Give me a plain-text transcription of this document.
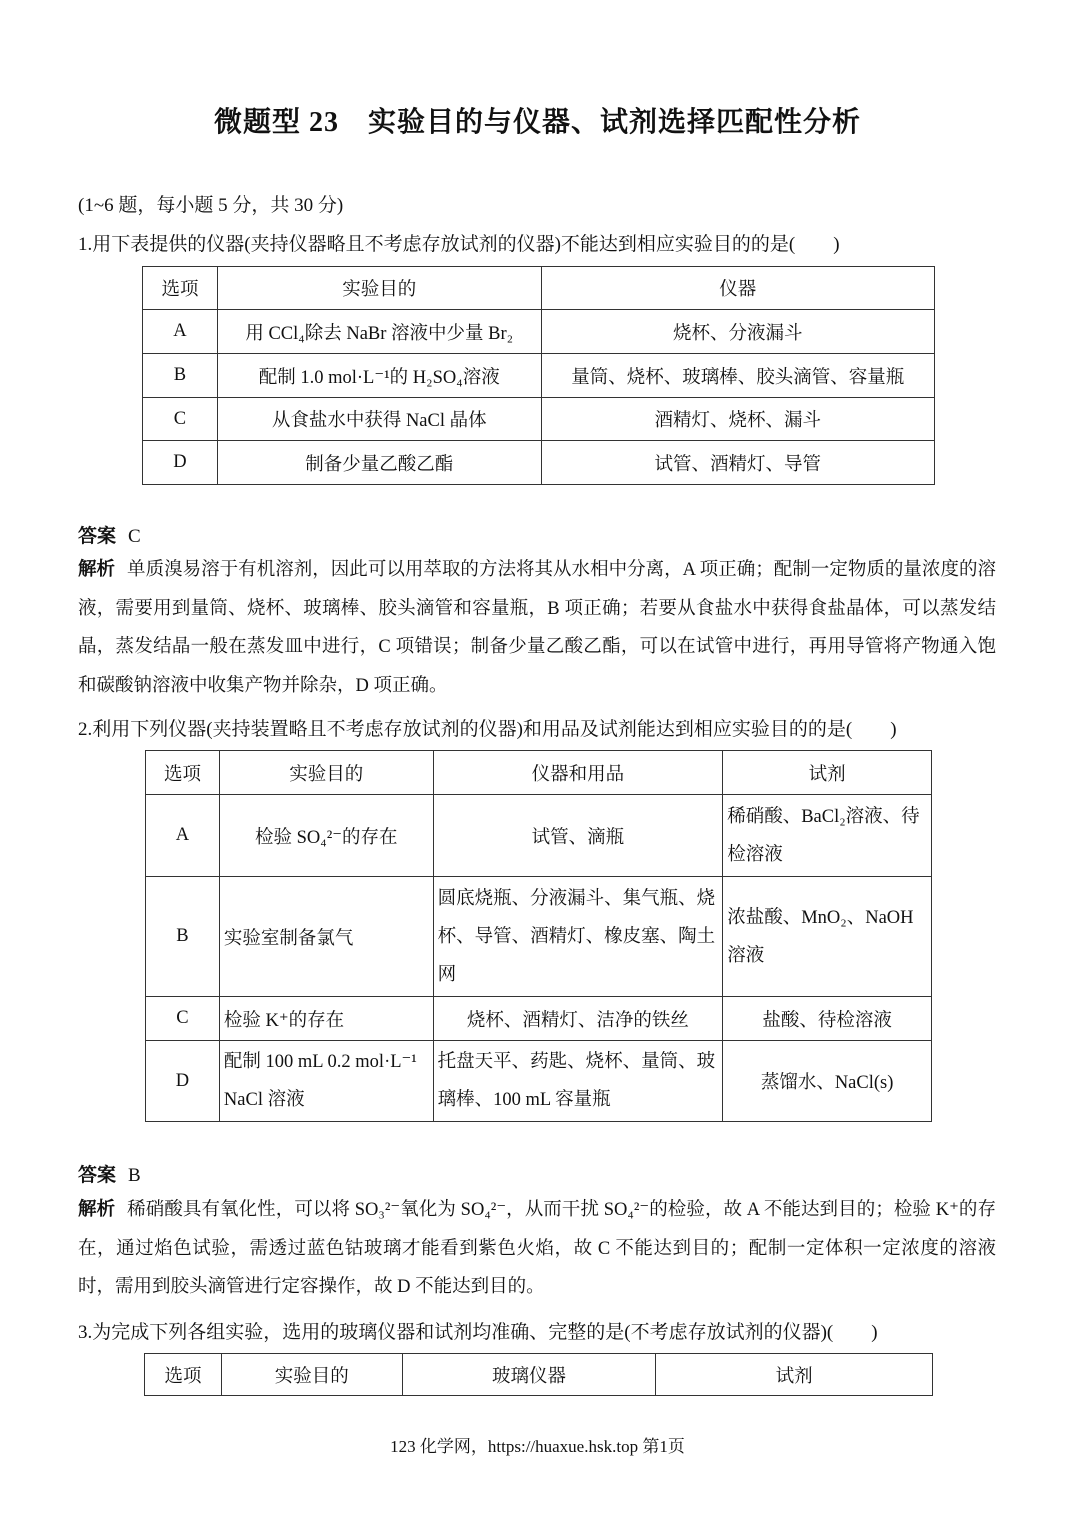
微题型 23　实验目的与仪器、试剂选择匹配性分析
(1~6 题，每小题 5 分，共 30 分)
1.用下表提供的仪器(夹持仪器略且不考虑存放试剂的仪器)不能达到相应实验目的的是(　　)
选项	实验目的	仪器
A	用 CCl₄除去 NaBr 溶液中少量 Br₂	烧杯、分液漏斗
B	配制 1.0 mol·L⁻¹的 H₂SO₄溶液	量筒、烧杯、玻璃棒、胶头滴管、容量瓶
C	从食盐水中获得 NaCl 晶体	酒精灯、烧杯、漏斗
D	制备少量乙酸乙酯	试管、酒精灯、导管
答案 C
解析 单质溴易溶于有机溶剂，因此可以用萃取的方法将其从水相中分离，A 项正确；配制一定物质的量浓度的溶液，需要用到量筒、烧杯、玻璃棒、胶头滴管和容量瓶，B 项正确；若要从食盐水中获得食盐晶体，可以蒸发结晶，蒸发结晶一般在蒸发皿中进行，C 项错误；制备少量乙酸乙酯，可以在试管中进行，再用导管将产物通入饱和碳酸钠溶液中收集产物并除杂，D 项正确。
2.利用下列仪器(夹持装置略且不考虑存放试剂的仪器)和用品及试剂能达到相应实验目的的是(　　)
选项	实验目的	仪器和用品	试剂
A	检验 SO₄²⁻的存在	试管、滴瓶	稀硝酸、BaCl₂溶液、待检溶液
B	实验室制备氯气	圆底烧瓶、分液漏斗、集气瓶、烧杯、导管、酒精灯、橡皮塞、陶土网	浓盐酸、MnO₂、NaOH 溶液
C	检验 K⁺的存在	烧杯、酒精灯、洁净的铁丝	盐酸、待检溶液
D	配制 100 mL 0.2 mol·L⁻¹ NaCl 溶液	托盘天平、药匙、烧杯、量筒、玻璃棒、100 mL 容量瓶	蒸馏水、NaCl(s)
答案 B
解析 稀硝酸具有氧化性，可以将 SO₃²⁻氧化为 SO₄²⁻，从而干扰 SO₄²⁻的检验，故 A 不能达到目的；检验 K⁺的存在，通过焰色试验，需透过蓝色钴玻璃才能看到紫色火焰，故 C 不能达到目的；配制一定体积一定浓度的溶液时，需用到胶头滴管进行定容操作，故 D 不能达到目的。
3.为完成下列各组实验，选用的玻璃仪器和试剂均准确、完整的是(不考虑存放试剂的仪器)(　　)
选项	实验目的	玻璃仪器	试剂
123 化学网，https://huaxue.hsk.top 第1页
